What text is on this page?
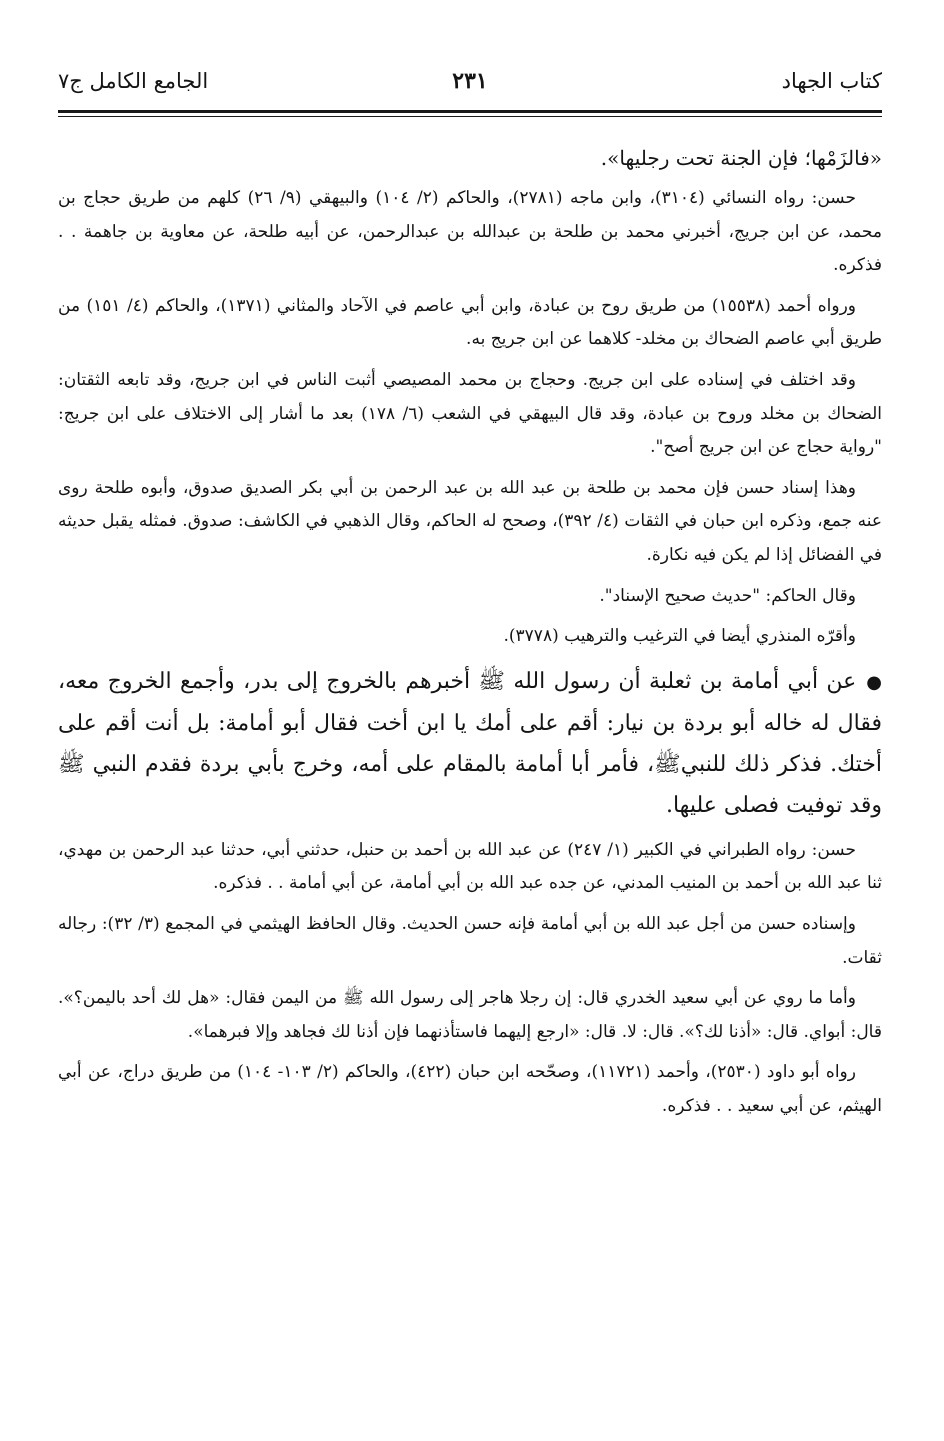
كتاب الجهاد
٢٣١
الجامع الكامل ج٧

«فالزَمْها؛ فإن الجنة تحت رجليها».

حسن: رواه النسائي (٣١٠٤)، وابن ماجه (٢٧٨١)، والحاكم (٢/ ١٠٤) والبيهقي (٩/ ٢٦) كلهم من طريق حجاج بن محمد، عن ابن جريج، أخبرني محمد بن طلحة بن عبدالله بن عبدالرحمن، عن أبيه طلحة، عن معاوية بن جاهمة . . فذكره.

ورواه أحمد (١٥٥٣٨) من طريق روح بن عبادة، وابن أبي عاصم في الآحاد والمثاني (١٣٧١)، والحاكم (٤/ ١٥١) من طريق أبي عاصم الضحاك بن مخلد- كلاهما عن ابن جريج به.

وقد اختلف في إسناده على ابن جريج. وحجاج بن محمد المصيصي أثبت الناس في ابن جريج، وقد تابعه الثقتان: الضحاك بن مخلد وروح بن عبادة، وقد قال البيهقي في الشعب (٦/ ١٧٨) بعد ما أشار إلى الاختلاف على ابن جريج: "رواية حجاج عن ابن جريج أصح".

وهذا إسناد حسن فإن محمد بن طلحة بن عبد الله بن عبد الرحمن بن أبي بكر الصديق صدوق، وأبوه طلحة روى عنه جمع، وذكره ابن حبان في الثقات (٤/ ٣٩٢)، وصحح له الحاكم، وقال الذهبي في الكاشف: صدوق. فمثله يقبل حديثه في الفضائل إذا لم يكن فيه نكارة.

وقال الحاكم: "حديث صحيح الإسناد".

وأقرّه المنذري أيضا في الترغيب والترهيب (٣٧٧٨).

●عن أبي أمامة بن ثعلبة أن رسول الله ﷺ أخبرهم بالخروج إلى بدر، وأجمع الخروج معه، فقال له خاله أبو بردة بن نيار: أقم على أمك يا ابن أخت فقال أبو أمامة: بل أنت أقم على أختك. فذكر ذلك للنبيﷺ، فأمر أبا أمامة بالمقام على أمه، وخرج بأبي بردة فقدم النبي ﷺ وقد توفيت فصلى عليها.

حسن: رواه الطبراني في الكبير (١/ ٢٤٧) عن عبد الله بن أحمد بن حنبل، حدثني أبي، حدثنا عبد الرحمن بن مهدي، ثنا عبد الله بن أحمد بن المنيب المدني، عن جده عبد الله بن أبي أمامة، عن أبي أمامة . . فذكره.

وإسناده حسن من أجل عبد الله بن أبي أمامة فإنه حسن الحديث. وقال الحافظ الهيثمي في المجمع (٣/ ٣٢): رجاله ثقات.

وأما ما روي عن أبي سعيد الخدري قال: إن رجلا هاجر إلى رسول الله ﷺ من اليمن فقال: «هل لك أحد باليمن؟». قال: أبواي. قال: «أذنا لك؟». قال: لا. قال: «ارجع إليهما فاستأذنهما فإن أذنا لك فجاهد وإلا فبرهما».

رواه أبو داود (٢٥٣٠)، وأحمد (١١٧٢١)، وصحّحه ابن حبان (٤٢٢)، والحاكم (٢/ ١٠٣- ١٠٤) من طريق دراج، عن أبي الهيثم، عن أبي سعيد . . فذكره.
